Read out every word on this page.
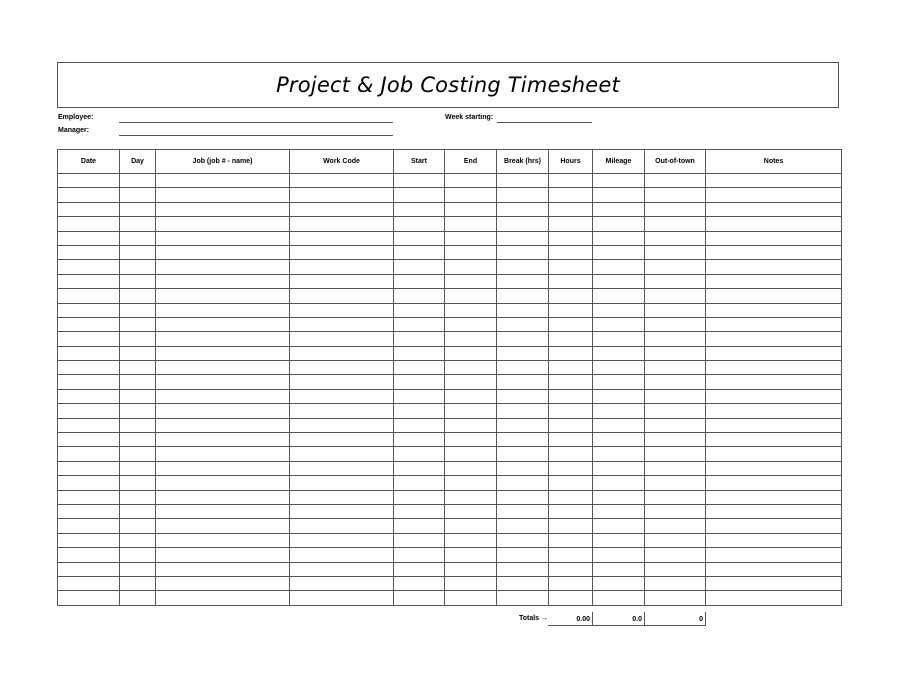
Project & Job Costing Timesheet
Employee:
Manager:
Week starting:
Date	Day	Job (job # - name)	Work Code	Start	End	Break (hrs)	Hours	Mileage	Out-of-town	Notes

Totals →	0.00	0.0	0
